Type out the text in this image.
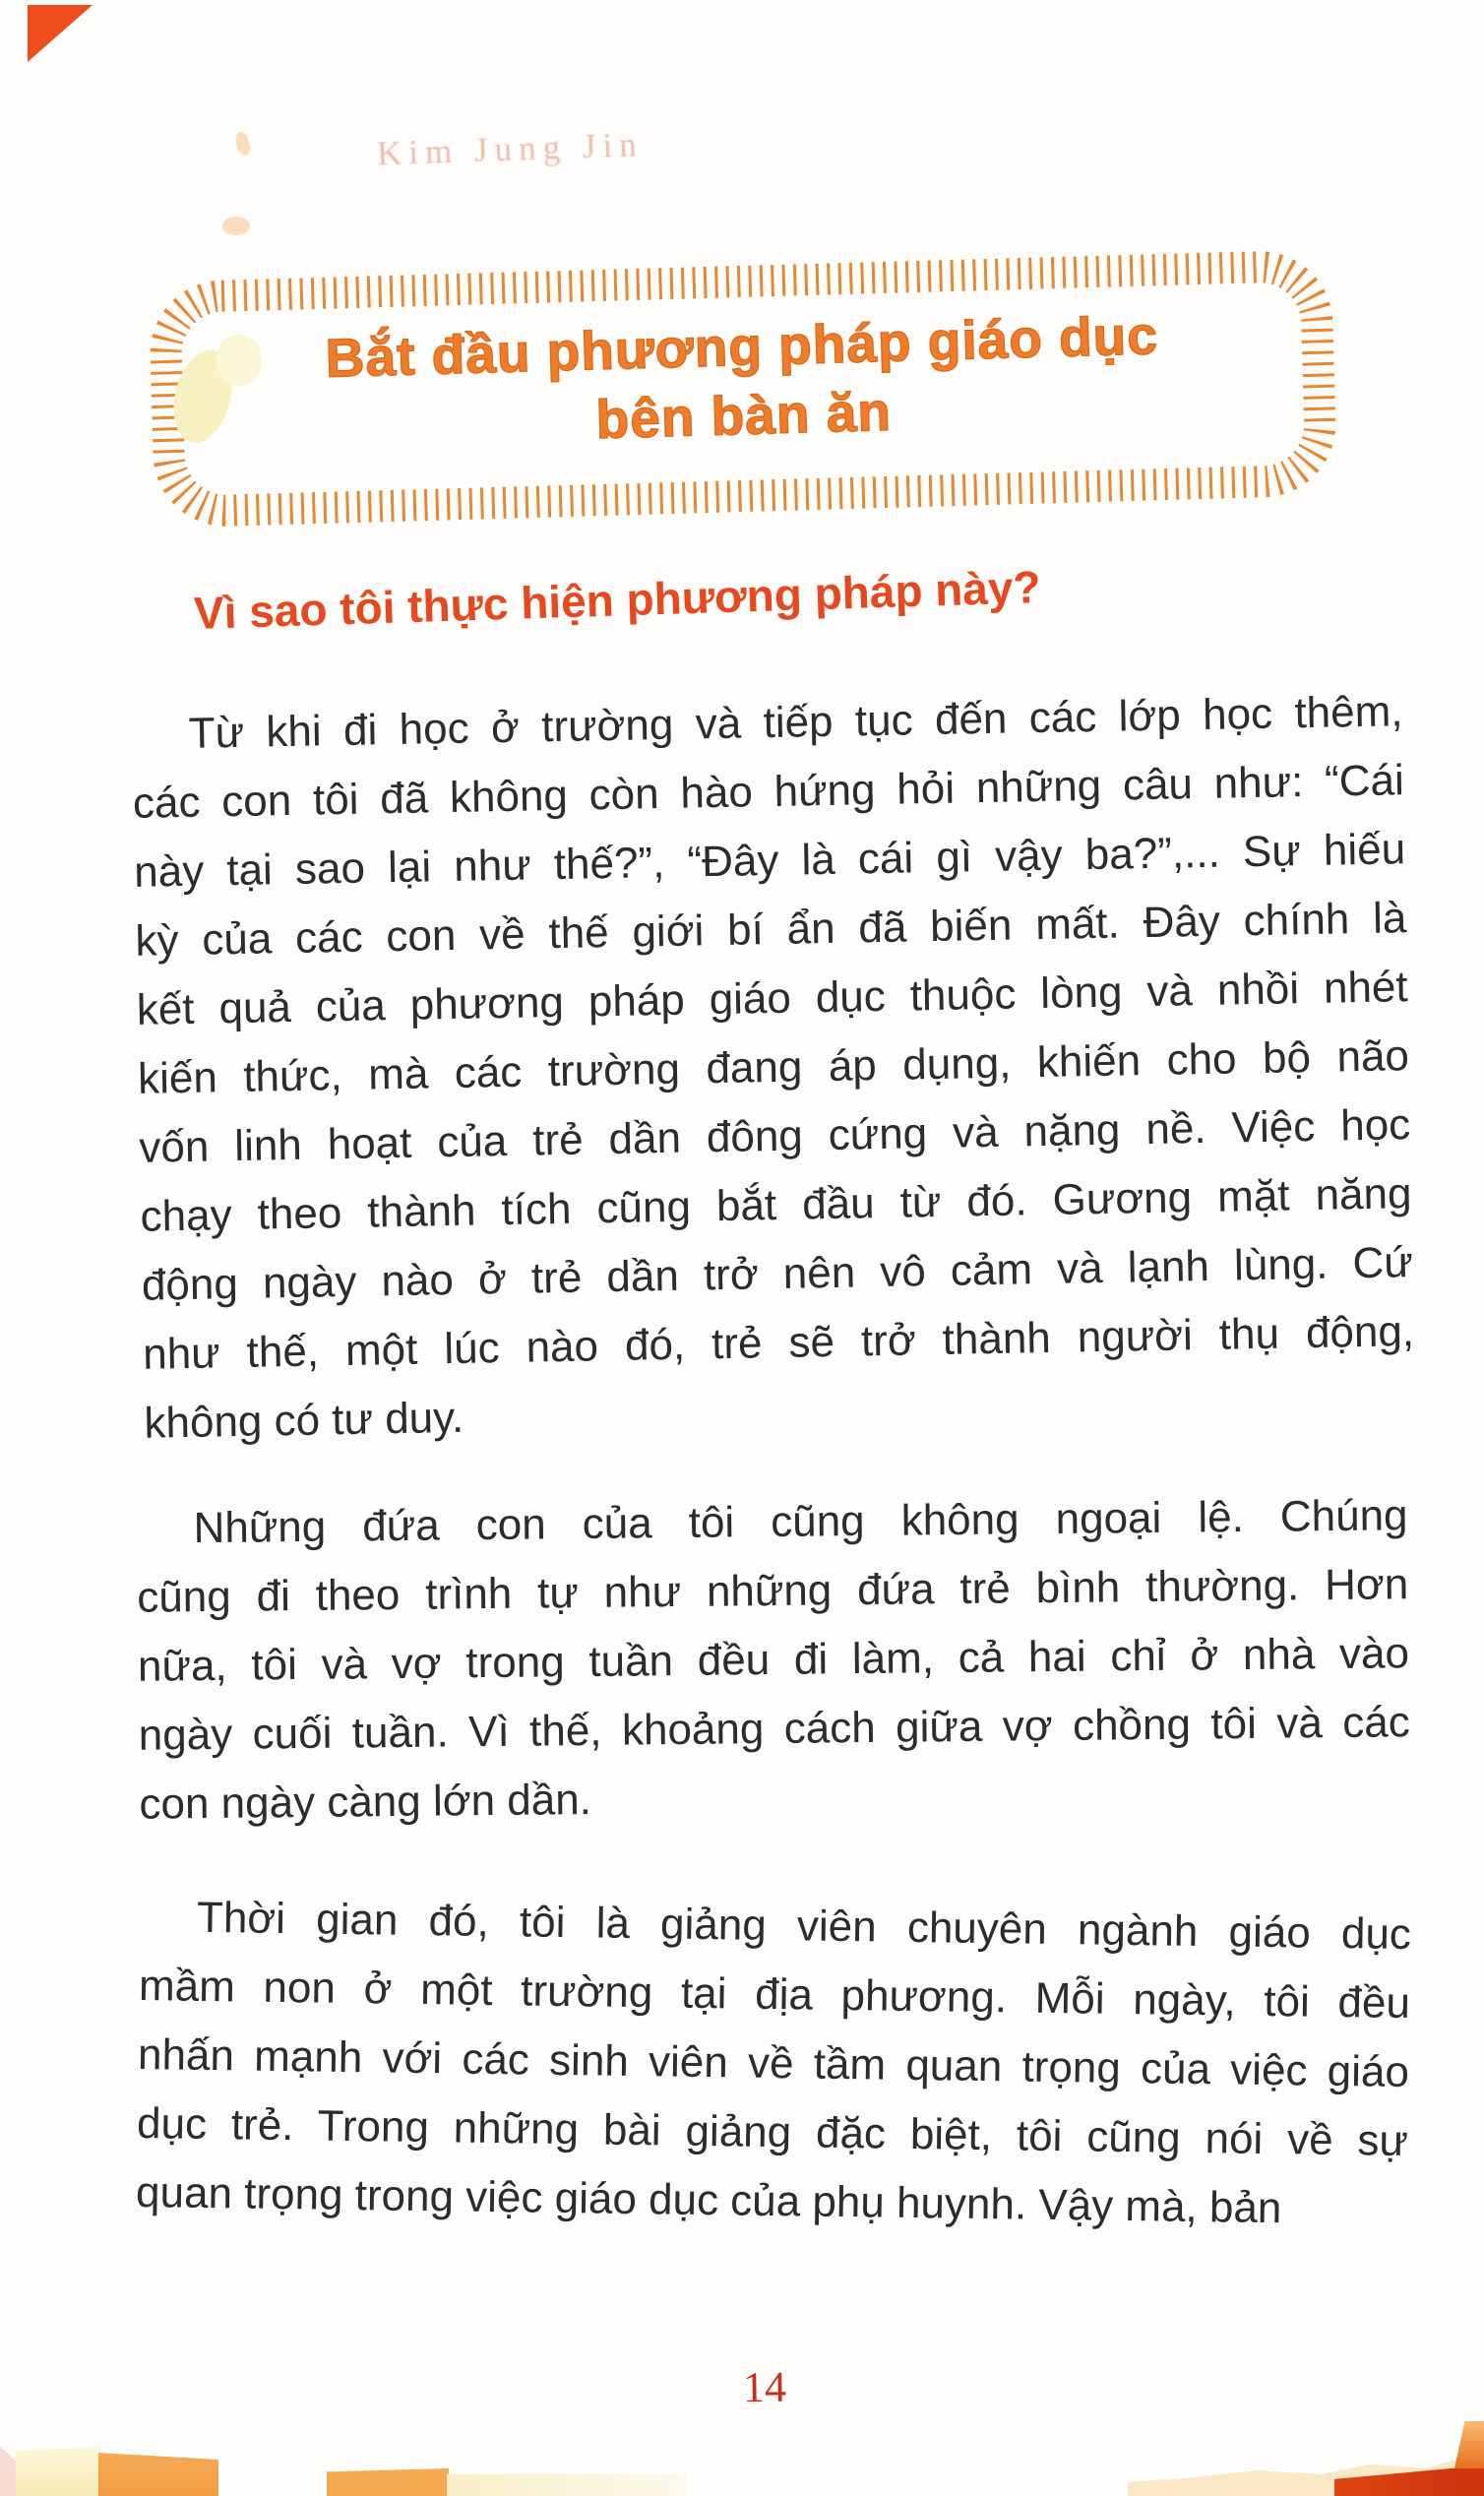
Kim Jung Jin
Bắt đầu phương pháp giáo dục
bên bàn ăn
Vì sao tôi thực hiện phương pháp này?
Từ khi đi học ở trường và tiếp tục đến các lớp học thêm,
các con tôi đã không còn hào hứng hỏi những câu như: “Cái
này tại sao lại như thế?”, “Đây là cái gì vậy ba?”,... Sự hiếu
kỳ của các con về thế giới bí ẩn đã biến mất. Đây chính là
kết quả của phương pháp giáo dục thuộc lòng và nhồi nhét
kiến thức, mà các trường đang áp dụng, khiến cho bộ não
vốn linh hoạt của trẻ dần đông cứng và nặng nề. Việc học
chạy theo thành tích cũng bắt đầu từ đó. Gương mặt năng
động ngày nào ở trẻ dần trở nên vô cảm và lạnh lùng. Cứ
như thế, một lúc nào đó, trẻ sẽ trở thành người thụ động,
không có tư duy.
Những đứa con của tôi cũng không ngoại lệ. Chúng
cũng đi theo trình tự như những đứa trẻ bình thường. Hơn
nữa, tôi và vợ trong tuần đều đi làm, cả hai chỉ ở nhà vào
ngày cuối tuần. Vì thế, khoảng cách giữa vợ chồng tôi và các
con ngày càng lớn dần.
Thời gian đó, tôi là giảng viên chuyên ngành giáo dục
mầm non ở một trường tại địa phương. Mỗi ngày, tôi đều
nhấn mạnh với các sinh viên về tầm quan trọng của việc giáo
dục trẻ. Trong những bài giảng đặc biệt, tôi cũng nói về sự
quan trọng trong việc giáo dục của phụ huynh. Vậy mà, bản
14
